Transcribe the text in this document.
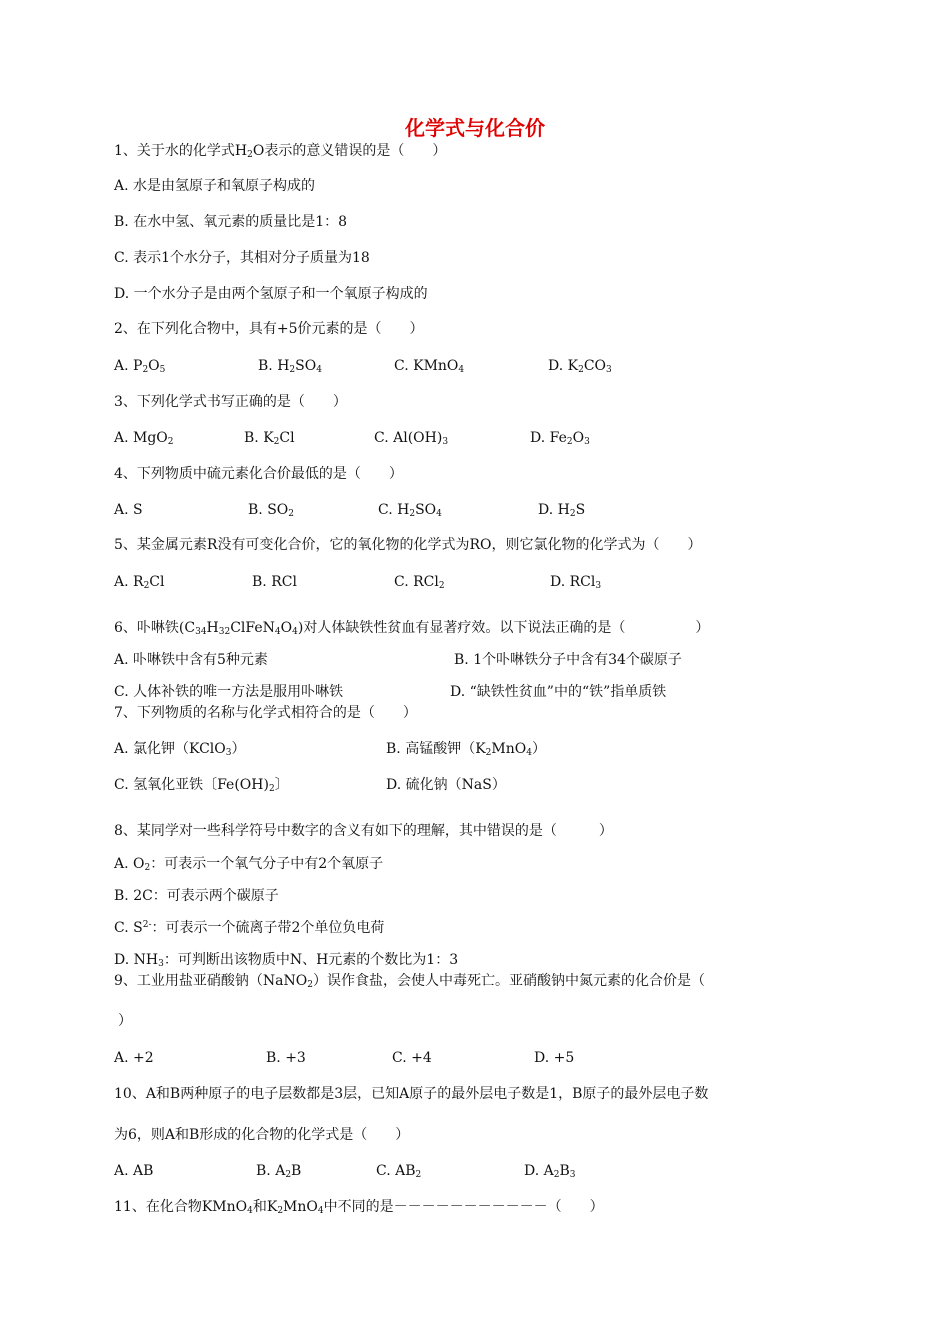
化学式与化合价
1、关于水的化学式$H_2O$表示的意义错误的是（　　）
A. 水是由氢原子和氧原子构成的
B. 在水中氢、氧元素的质量比是1：8
C. 表示1个水分子，其相对分子质量为18
D. 一个水分子是由两个氢原子和一个氧原子构成的
2、在下列化合物中，具有+5价元素的是（　　）
A. $P_2O_5$	B. $H_2SO_4$	C. KMnO$_4$	D. $K_2CO_3$
3、下列化学式书写正确的是（　　）
A. MgO$_2$	B. $K_2Cl$	C. $Al(OH)_3$	D. $Fe_2O_3$
4、下列物质中硫元素化合价最低的是（　　）
A. S	B. $SO_2$	C. $H_2SO_4$	D. $H_2S$
5、某金属元素R没有可变化合价，它的氧化物的化学式为RO，则它氯化物的化学式为（　　）
A. $R_2Cl$	B. RCl	C. RCl$_2$	D. RCl$_3$
6、卟啉铁$(C_{34}H_{32}ClFeN_4O_4)$对人体缺铁性贫血有显著疗效。以下说法正确的是（　　　　　）
A. 卟啉铁中含有5种元素	B. 1个卟啉铁分子中含有34个碳原子
C. 人体补铁的唯一方法是服用卟啉铁	D. “缺铁性贫血”中的“铁”指单质铁
7、下列物质的名称与化学式相符合的是（　　）
A. 氯化钾（KClO$_3$）	B. 高锰酸钾$(K_2MnO_4)$
C. 氢氧化亚铁〔$Fe(OH)_2$〕	D. 硫化钠（NaS）
8、某同学对一些科学符号中数字的含义有如下的理解，其中错误的是（　　　）
A. $O_2$：可表示一个氧气分子中有2个氧原子
B. 2C：可表示两个碳原子
C. $S^{2-}$：可表示一个硫离子带2个单位负电荷
D. $NH_3$：可判断出该物质中N、H元素的个数比为1：3
9、工业用盐亚硝酸钠（NaNO$_2$）误作食盐，会使人中毒死亡。亚硝酸钠中氮元素的化合价是（
）
A. +2	B. +3	C. +4	D. +5
10、A和B两种原子的电子层数都是3层，已知A原子的最外层电子数是1，B原子的最外层电子数
为6，则A和B形成的化合物的化学式是（　　）
A. AB	B. $A_2B$	C. $AB_2$	D. $A_2B_3$
11、在化合物KMnO$_4$和$K_2MnO_4$中不同的是－－－－－－－－－－－（　　）
